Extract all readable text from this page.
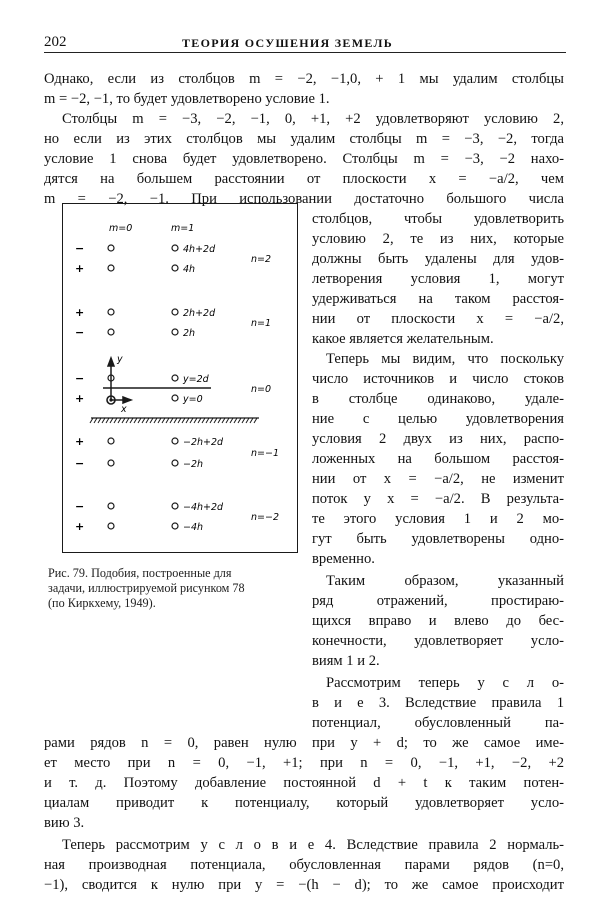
202	ТЕОРИЯ ОСУШЕНИЯ ЗЕМЕЛЬ
Однако, если из столбцов m = −2, −1,0, + 1 мы удалим столбцы
m = −2, −1, то будет удовлетворено условие 1.
Столбцы m = −3, −2, −1, 0, +1, +2 удовлетворяют условию 2,
но если из этих столбцов мы удалим столбцы m = −3, −2, тогда
условие 1 снова будет удовлетворено. Столбцы m = −3, −2 нахо-
дятся на большем расстоянии от плоскости x = −a/2, чем
m = −2, −1. При использовании достаточно большого числа
столбцов, чтобы удовлетворить
условию 2, те из них, которые
должны быть удалены для удов-
летворения условия 1, могут
удерживаться на таком расстоя-
нии от плоскости x = −a/2,
какое является желательным.
Теперь мы видим, что поскольку
число источников и число стоков
в столбце одинаково, удале-
ние с целью удовлетворения
условия 2 двух из них, распо-
ложенных на большом расстоя-
нии от x = −a/2, не изменит
поток у x = −a/2. В результа-
те этого условия 1 и 2 мо-
гут быть удовлетворены одно-
временно.
Таким образом, указанный
ряд отражений, простираю-
щихся вправо и влево до бес-
конечности, удовлетворяет усло-
виям 1 и 2.
Рассмотрим теперь у с л о-
в и е 3. Вследствие правила 1
потенциал, обусловленный па-
рами рядов n = 0, равен нулю при y + d; то же самое име-
ет место при n = 0, −1, +1; при n = 0, −1, +1, −2, +2
и т. д. Поэтому добавление постоянной d + t к таким потен-
циалам приводит к потенциалу, который удовлетворяет усло-
вию 3.
Теперь рассмотрим у с л о в и е 4. Вследствие правила 2 нормаль-
ная производная потенциала, обусловленная парами рядов (n=0,
−1), сводится к нулю при y = −(h − d); то же самое происходит
m=0	m=1
−
+
+
−
−
+
+
−
−
+
4h+2d
4h
2h+2d
2h
y=2d
y=0
−2h+2d
−2h
−4h+2d
−4h
n=2
n=1
n=0
n=−1
n=−2
y
x
Рис. 79. Подобия, построенные для
задачи, иллюстрируемой рисунком 78
(по Киркхему, 1949).
